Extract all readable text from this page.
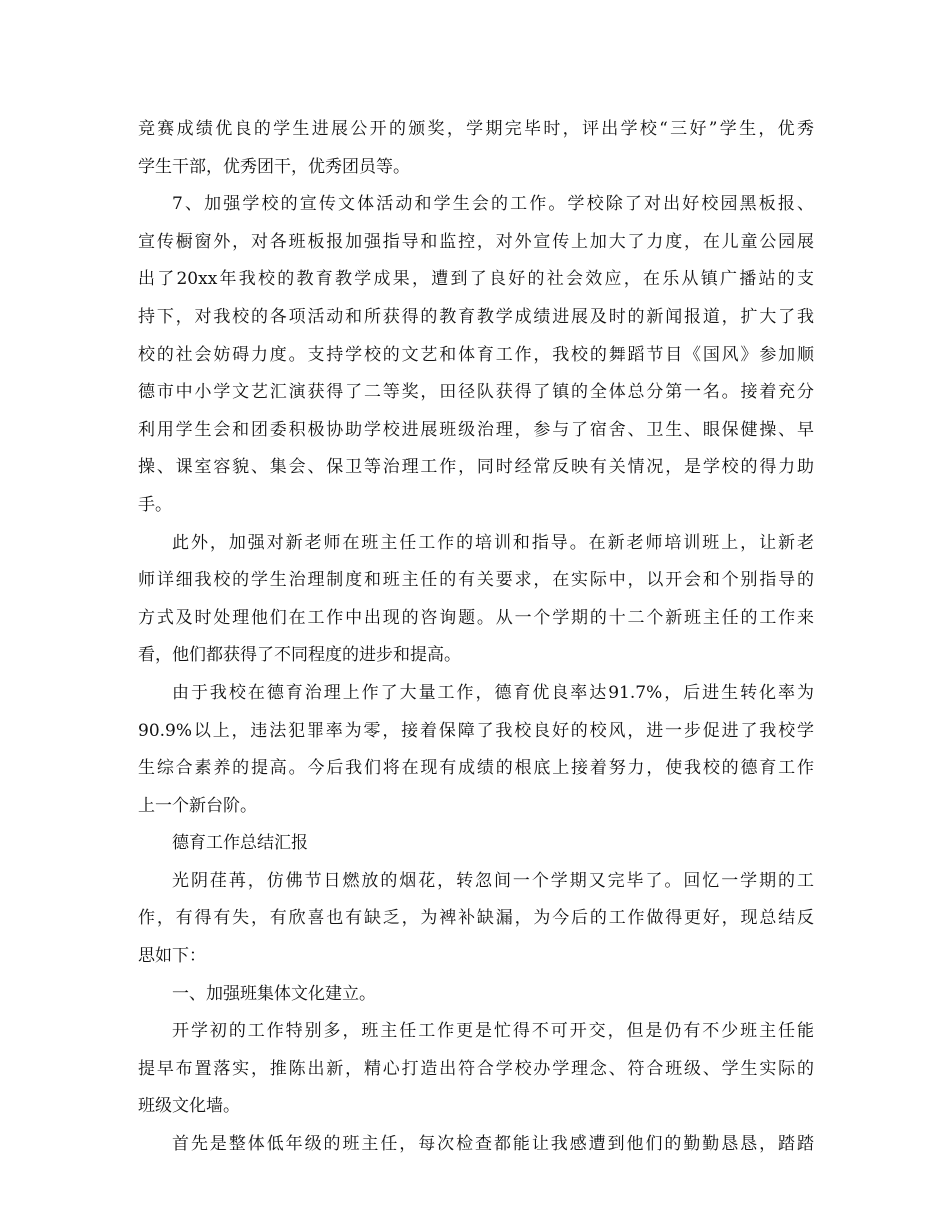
竞赛成绩优良的学生进展公开的颁奖，学期完毕时，评出学校“三好”学生，优秀

学生干部，优秀团干，优秀团员等。

7、加强学校的宣传文体活动和学生会的工作。学校除了对出好校园黑板报、

宣传橱窗外，对各班板报加强指导和监控，对外宣传上加大了力度，在儿童公园展

出了20xx年我校的教育教学成果，遭到了良好的社会效应，在乐从镇广播站的支

持下，对我校的各项活动和所获得的教育教学成绩进展及时的新闻报道，扩大了我

校的社会妨碍力度。支持学校的文艺和体育工作，我校的舞蹈节目《国风》参加顺

德市中小学文艺汇演获得了二等奖，田径队获得了镇的全体总分第一名。接着充分

利用学生会和团委积极协助学校进展班级治理，参与了宿舍、卫生、眼保健操、早

操、课室容貌、集会、保卫等治理工作，同时经常反映有关情况，是学校的得力助

手。

此外，加强对新老师在班主任工作的培训和指导。在新老师培训班上，让新老

师详细我校的学生治理制度和班主任的有关要求，在实际中，以开会和个别指导的

方式及时处理他们在工作中出现的咨询题。从一个学期的十二个新班主任的工作来

看，他们都获得了不同程度的进步和提高。

由于我校在德育治理上作了大量工作，德育优良率达91.7%，后进生转化率为

90.9%以上，违法犯罪率为零，接着保障了我校良好的校风，进一步促进了我校学

生综合素养的提高。今后我们将在现有成绩的根底上接着努力，使我校的德育工作

上一个新台阶。

德育工作总结汇报

光阴荏苒，仿佛节日燃放的烟花，转忽间一个学期又完毕了。回忆一学期的工

作，有得有失，有欣喜也有缺乏，为裨补缺漏，为今后的工作做得更好，现总结反

思如下：

一、加强班集体文化建立。

开学初的工作特别多，班主任工作更是忙得不可开交，但是仍有不少班主任能

提早布置落实，推陈出新，精心打造出符合学校办学理念、符合班级、学生实际的

班级文化墙。

首先是整体低年级的班主任，每次检查都能让我感遭到他们的勤勤恳恳，踏踏
